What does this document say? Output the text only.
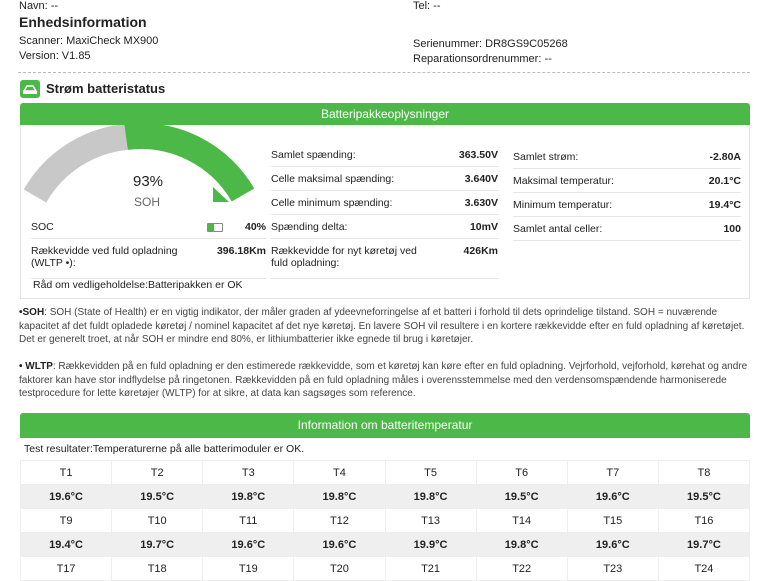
Navn: --	Tel: --
Enhedsinformation
Scanner: MaxiCheck MX900
Version: V1.85
Serienummer: DR8GS9C05268
Reparationsordrenummer: --
Strøm batteristatus
Batteripakkeoplysninger
93%
SOH
SOC	40%
Rækkevidde ved fuld opladning (WLTP •):
396.18Km
Råd om vedligeholdelse:Batteripakken er OK
Samlet spænding:	363.50V
Celle maksimal spænding:	3.640V
Celle minimum spænding:	3.630V
Spænding delta:	10mV
Rækkevidde for nyt køretøj ved fuld opladning:
426Km
Samlet strøm:	-2.80A
Maksimal temperatur:	20.1°C
Minimum temperatur:	19.4°C
Samlet antal celler:	100
•SOH: SOH (State of Health) er en vigtig indikator, der måler graden af ydeevneforringelse af et batteri i forhold til dets oprindelige tilstand. SOH = nuværende kapacitet af det fuldt opladede køretøj / nominel kapacitet af det nye køretøj. En lavere SOH vil resultere i en kortere rækkevidde efter en fuld opladning af køretøjet. Det er generelt troet, at når SOH er mindre end 80%, er lithiumbatterier ikke egnede til brug i køretøjer.
• WLTP: Rækkevidden på en fuld opladning er den estimerede rækkevidde, som et køretøj kan køre efter en fuld opladning. Vejrforhold, vejforhold, kørehat og andre faktorer kan have stor indflydelse på ringetonen. Rækkevidden på en fuld opladning måles i overensstemmelse med den verdensomspændende harmoniserede testprocedure for lette køretøjer (WLTP) for at sikre, at data kan sagsøges som reference.
Information om batteritemperatur
Test resultater:Temperaturerne på alle batterimoduler er OK.
T1	T2	T3	T4	T5	T6	T7	T8
19.6°C	19.5°C	19.8°C	19.8°C	19.8°C	19.5°C	19.6°C	19.5°C
T9	T10	T11	T12	T13	T14	T15	T16
19.4°C	19.7°C	19.6°C	19.6°C	19.9°C	19.8°C	19.6°C	19.7°C
T17	T18	T19	T20	T21	T22	T23	T24
